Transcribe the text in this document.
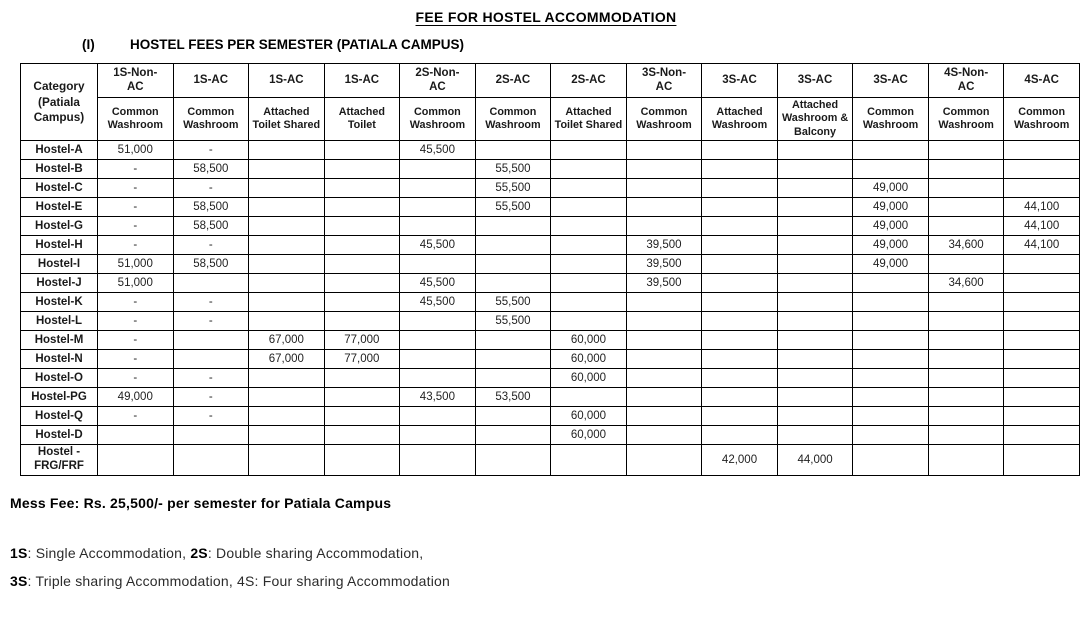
FEE FOR HOSTEL ACCOMMODATION
(I)	HOSTEL FEES PER SEMESTER (PATIALA CAMPUS)
Category (Patiala Campus)	1S-Non-AC	1S-AC	1S-AC	1S-AC	2S-Non-AC	2S-AC	2S-AC	3S-Non-AC	3S-AC	3S-AC	3S-AC	4S-Non-AC	4S-AC
	Common Washroom	Common Washroom	Attached Toilet Shared	Attached Toilet	Common Washroom	Common Washroom	Attached Toilet Shared	Common Washroom	Attached Washroom	Attached Washroom & Balcony	Common Washroom	Common Washroom	Common Washroom
Hostel-A	51,000	-			45,500								
Hostel-B	-	58,500				55,500							
Hostel-C	-	-				55,500					49,000		
Hostel-E	-	58,500				55,500					49,000		44,100
Hostel-G	-	58,500									49,000		44,100
Hostel-H	-	-			45,500			39,500			49,000	34,600	44,100
Hostel-I	51,000	58,500						39,500			49,000		
Hostel-J	51,000				45,500			39,500				34,600	
Hostel-K	-	-			45,500	55,500							
Hostel-L	-	-				55,500							
Hostel-M	-		67,000	77,000			60,000						
Hostel-N	-		67,000	77,000			60,000						
Hostel-O	-	-					60,000						
Hostel-PG	49,000	-			43,500	53,500							
Hostel-Q	-	-					60,000						
Hostel-D							60,000						
Hostel - FRG/FRF									42,000	44,000			
Mess Fee: Rs. 25,500/- per semester for Patiala Campus
1S: Single Accommodation, 2S: Double sharing Accommodation,
3S: Triple sharing Accommodation, 4S: Four sharing Accommodation
